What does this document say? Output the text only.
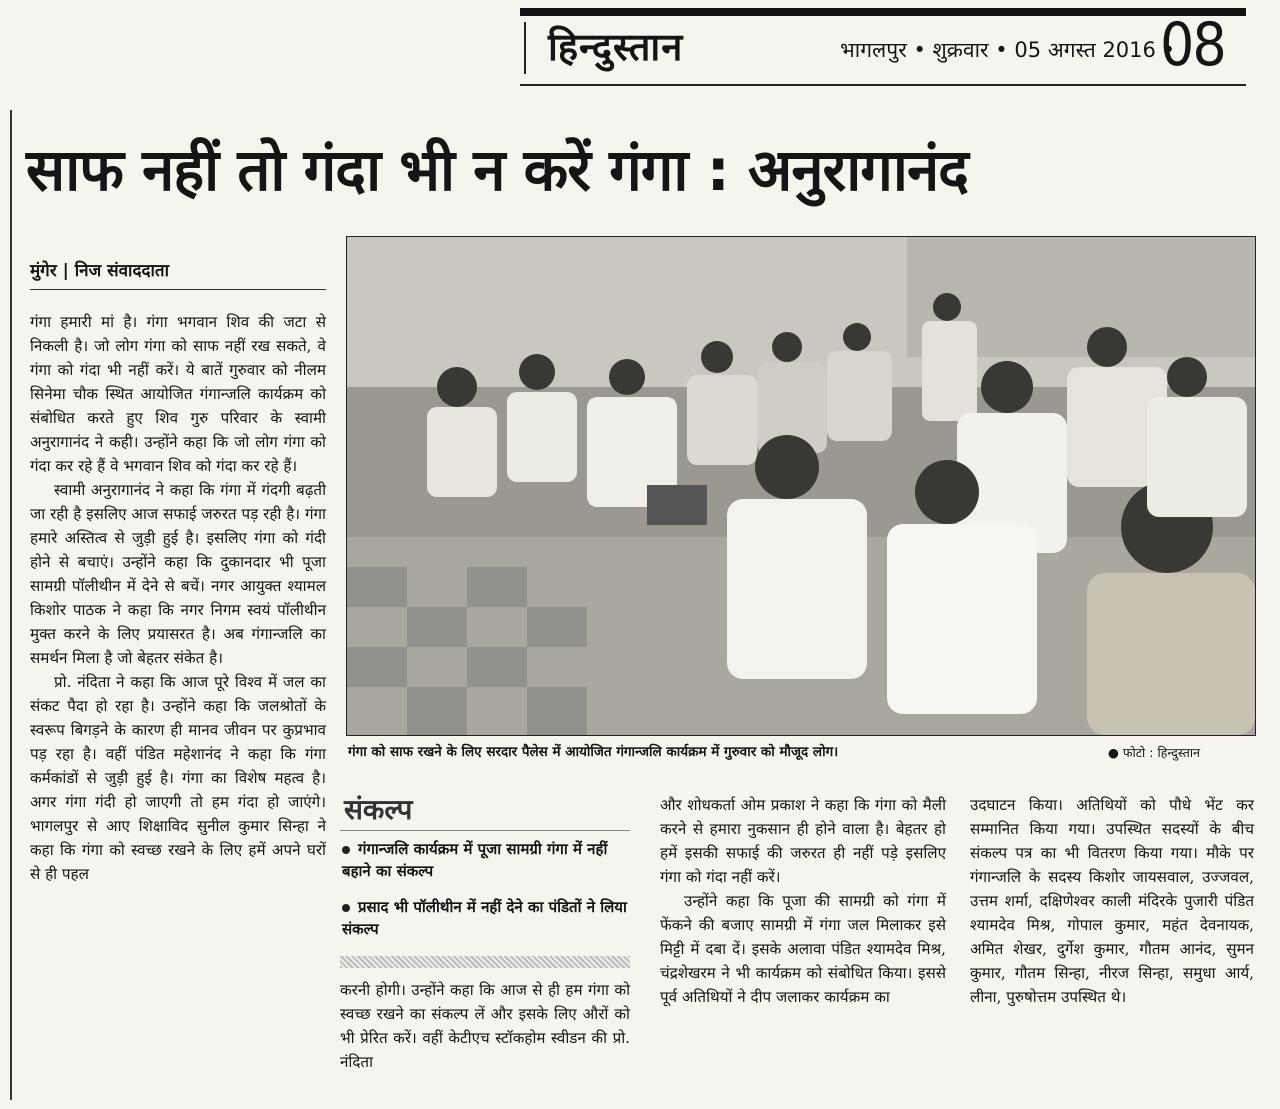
हिन्दुस्तान	भागलपुर • शुक्रवार • 05 अगस्त 2016 •
08
साफ नहीं तो गंदा भी न करें गंगा : अनुरागानंद
मुंगेर | निज संवाददाता

गंगा हमारी मां है। गंगा भगवान शिव की जटा से निकली है। जो लोग गंगा को साफ नहीं रख सकते, वे गंगा को गंदा भी नहीं करें। ये बातें गुरुवार को नीलम सिनेमा चौक स्थित आयोजित गंगान्जलि कार्यक्रम को संबोधित करते हुए शिव गुरु परिवार के स्वामी अनुरागानंद ने कही। उन्होंने कहा कि जो लोग गंगा को गंदा कर रहे हैं वे भगवान शिव को गंदा कर रहे हैं।

स्वामी अनुरागानंद ने कहा कि गंगा में गंदगी बढ़ती जा रही है इसलिए आज सफाई जरुरत पड़ रही है। गंगा हमारे अस्तित्व से जुड़ी हुई है। इसलिए गंगा को गंदी होने से बचाएं। उन्होंने कहा कि दुकानदार भी पूजा सामग्री पॉलीथीन में देने से बचें। नगर आयुक्त श्यामल किशोर पाठक ने कहा कि नगर निगम स्वयं पॉलीथीन मुक्त करने के लिए प्रयासरत है। अब गंगान्जलि का समर्थन मिला है जो बेहतर संकेत है।

प्रो. नंदिता ने कहा कि आज पूरे विश्व में जल का संकट पैदा हो रहा है। उन्होंने कहा कि जलश्रोतों के स्वरूप बिगड़ने के कारण ही मानव जीवन पर कुप्रभाव पड़ रहा है। वहीं पंडित महेशानंद ने कहा कि गंगा कर्मकांडों से जुड़ी हुई है। गंगा का विशेष महत्व है। अगर गंगा गंदी हो जाएगी तो हम गंदा हो जाएंगे। भागलपुर से आए शिक्षाविद सुनील कुमार सिन्हा ने कहा कि गंगा को स्वच्छ रखने के लिए हमें अपने घरों से ही पहल

गंगा को साफ रखने के लिए सरदार पैलेस में आयोजित गंगान्जलि कार्यक्रम में गुरुवार को मौजूद लोग।	● फोटो : हिन्दुस्तान
संकल्प
गंगान्जलि कार्यक्रम में पूजा सामग्री गंगा में नहीं बहाने का संकल्प
प्रसाद भी पॉलीथीन में नहीं देने का पंडितों ने लिया संकल्प

करनी होगी। उन्होंने कहा कि आज से ही हम गंगा को स्वच्छ रखने का संकल्प लें और इसके लिए औरों को भी प्रेरित करें। वहीं केटीएच स्टॉकहोम स्वीडन की प्रो. नंदिता

और शोधकर्ता ओम प्रकाश ने कहा कि गंगा को मैली करने से हमारा नुकसान ही होने वाला है। बेहतर हो हमें इसकी सफाई की जरुरत ही नहीं पड़े इसलिए गंगा को गंदा नहीं करें।

उन्होंने कहा कि पूजा की सामग्री को गंगा में फेंकने की बजाए सामग्री में गंगा जल मिलाकर इसे मिट्टी में दबा दें। इसके अलावा पंडित श्यामदेव मिश्र, चंद्रशेखरम ने भी कार्यक्रम को संबोधित किया। इससे पूर्व अतिथियों ने दीप जलाकर कार्यक्रम का

उदघाटन किया। अतिथियों को पौधे भेंट कर सम्मानित किया गया। उपस्थित सदस्यों के बीच संकल्प पत्र का भी वितरण किया गया। मौके पर गंगान्जलि के सदस्य किशोर जायसवाल, उज्जवल, उत्तम शर्मा, दक्षिणेश्वर काली मंदिरके पुजारी पंडित श्यामदेव मिश्र, गोपाल कुमार, महंत देवनायक, अमित शेखर, दुर्गेश कुमार, गौतम आनंद, सुमन कुमार, गौतम सिन्हा, नीरज सिन्हा, समुधा आर्य, लीना, पुरुषोत्तम उपस्थित थे।
